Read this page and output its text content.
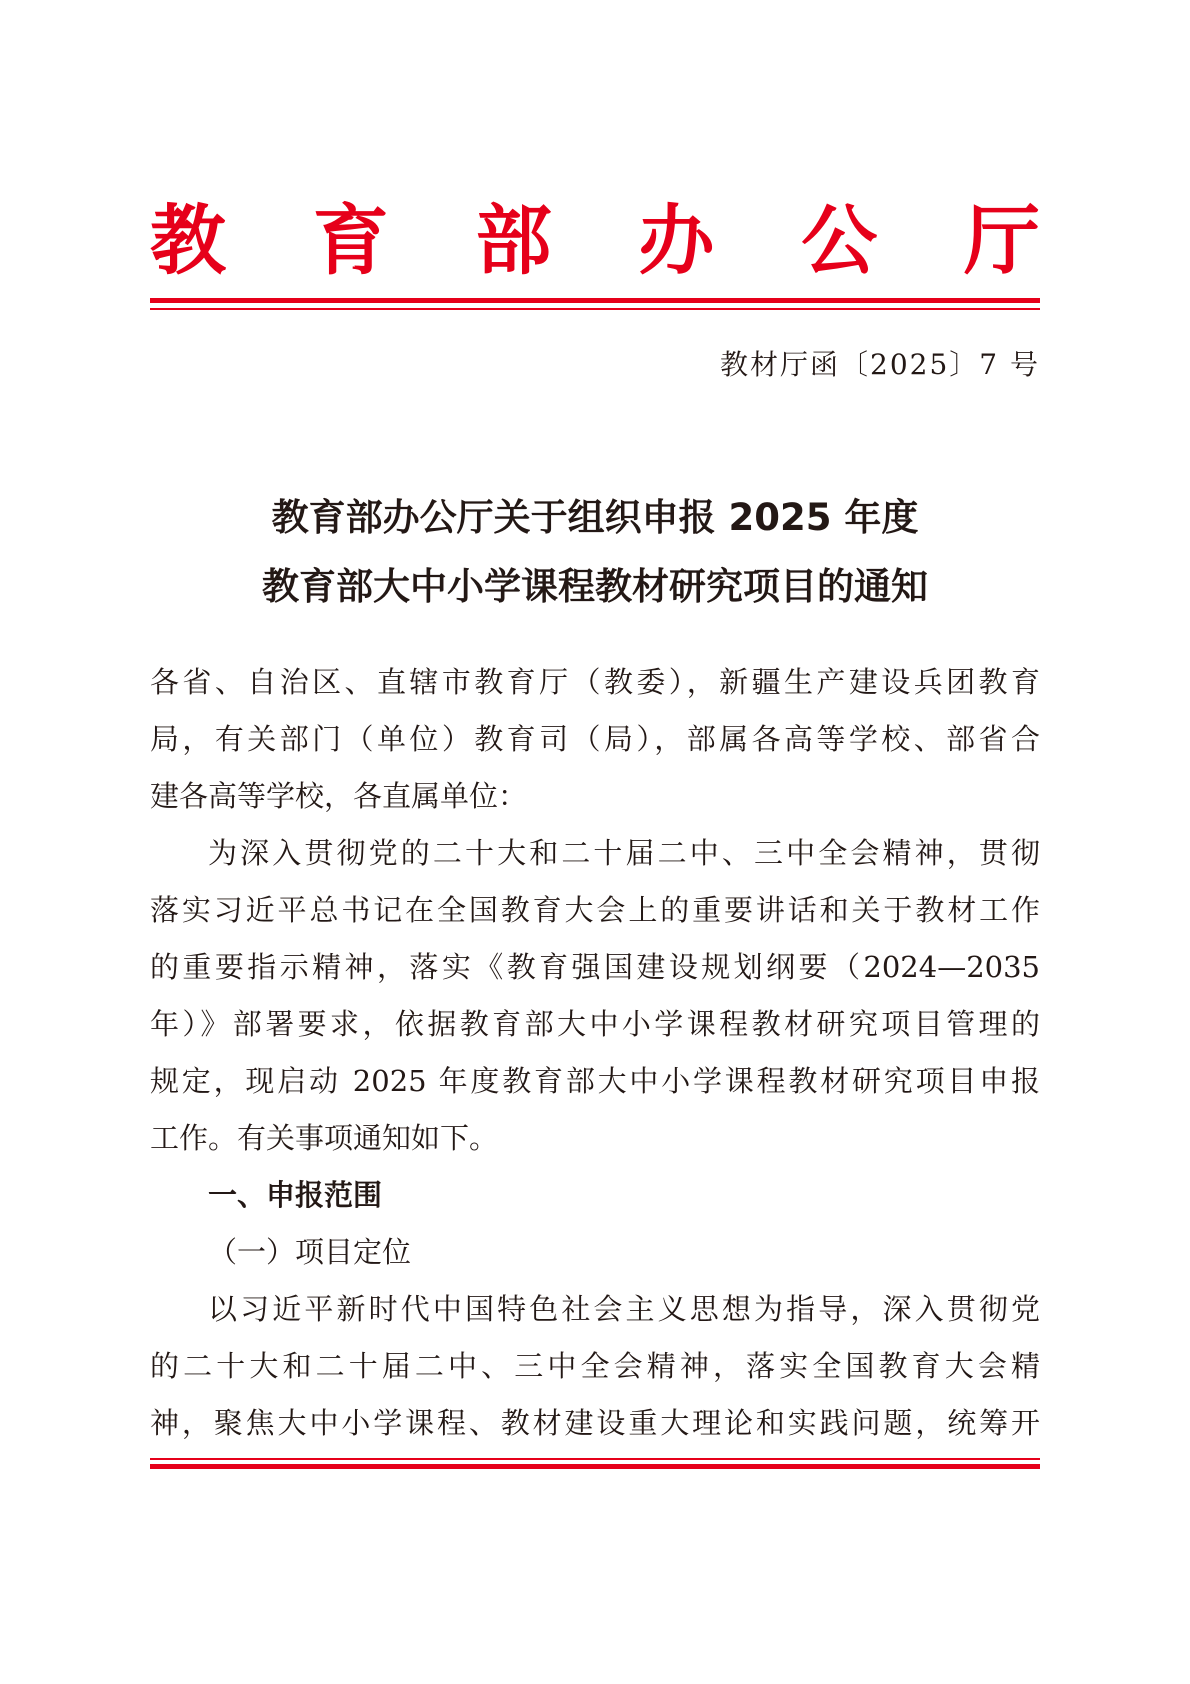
教 育 部 办 公 厅
教材厅函〔2025〕7 号
教育部办公厅关于组织申报 2025 年度
教育部大中小学课程教材研究项目的通知
各省、自治区、直辖市教育厅（教委），新疆生产建设兵团教育
局，有关部门（单位）教育司（局），部属各高等学校、部省合
建各高等学校，各直属单位：
为深入贯彻党的二十大和二十届二中、三中全会精神，贯彻
落实习近平总书记在全国教育大会上的重要讲话和关于教材工作
的重要指示精神，落实《教育强国建设规划纲要（2024—2035
年）》部署要求，依据教育部大中小学课程教材研究项目管理的
规定，现启动 2025 年度教育部大中小学课程教材研究项目申报
工作。有关事项通知如下。
一、申报范围
（一）项目定位
以习近平新时代中国特色社会主义思想为指导，深入贯彻党
的二十大和二十届二中、三中全会精神，落实全国教育大会精
神，聚焦大中小学课程、教材建设重大理论和实践问题，统筹开
